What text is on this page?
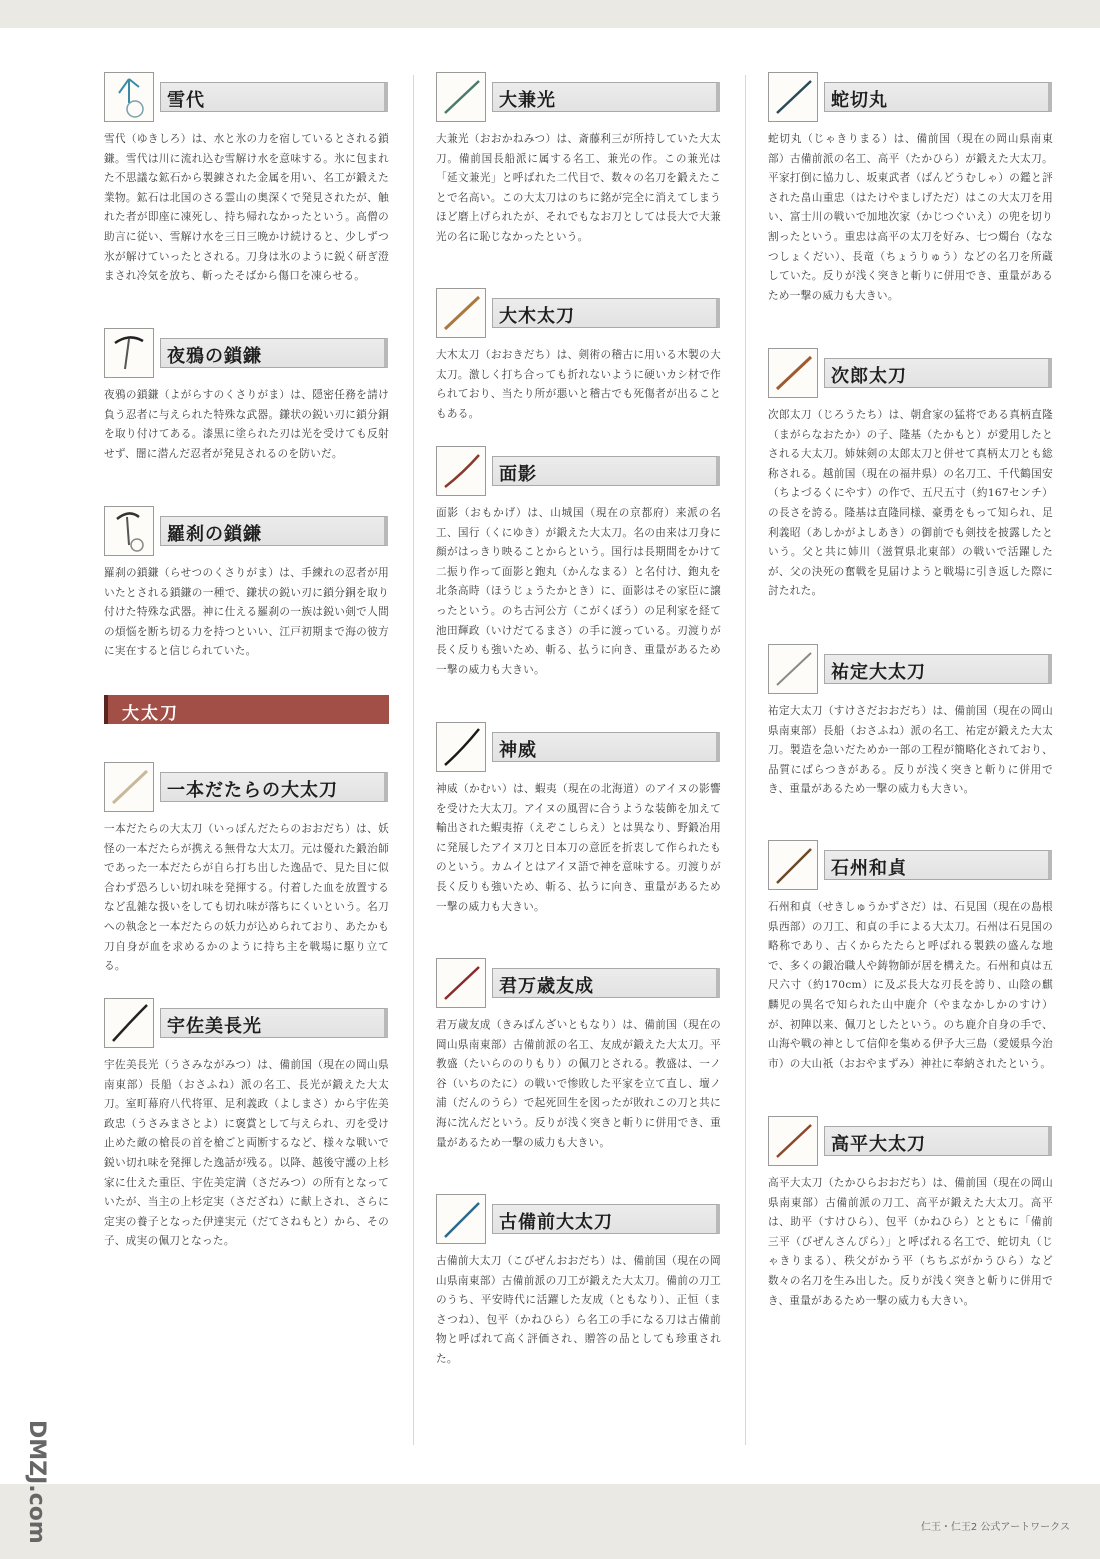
雪代
雪代（ゆきしろ）は、水と氷の力を宿しているとされる鎖鎌。雪代は川に流れ込む雪解け水を意味する。氷に包まれた不思議な鉱石から製錬された金属を用い、名工が鍛えた業物。鉱石は北国のさる霊山の奥深くで発見されたが、触れた者が即座に凍死し、持ち帰れなかったという。高僧の助言に従い、雪解け水を三日三晩かけ続けると、少しずつ氷が解けていったとされる。刀身は氷のように鋭く研ぎ澄まされ冷気を放ち、斬ったそばから傷口を凍らせる。
夜鴉の鎖鎌
夜鴉の鎖鎌（よがらすのくさりがま）は、隠密任務を請け負う忍者に与えられた特殊な武器。鎌状の鋭い刃に鎖分銅を取り付けてある。漆黒に塗られた刃は光を受けても反射せず、闇に潜んだ忍者が発見されるのを防いだ。
羅刹の鎖鎌
羅刹の鎖鎌（らせつのくさりがま）は、手練れの忍者が用いたとされる鎖鎌の一種で、鎌状の鋭い刃に鎖分銅を取り付けた特殊な武器。神に仕える羅刹の一族は鋭い剣で人間の煩悩を断ち切る力を持つといい、江戸初期まで海の彼方に実在すると信じられていた。
大太刀
一本だたらの大太刀
一本だたらの大太刀（いっぽんだたらのおおだち）は、妖怪の一本だたらが携える無骨な大太刀。元は優れた鍛治師であった一本だたらが自ら打ち出した逸品で、見た目に似合わず恐ろしい切れ味を発揮する。付着した血を放置するなど乱雑な扱いをしても切れ味が落ちにくいという。名刀への執念と一本だたらの妖力が込められており、あたかも刀自身が血を求めるかのように持ち主を戦場に駆り立てる。
宇佐美長光
宇佐美長光（うさみながみつ）は、備前国（現在の岡山県南東部）長船（おさふね）派の名工、長光が鍛えた大太刀。室町幕府八代将軍、足利義政（よしまさ）から宇佐美政忠（うさみまさとよ）に褒賞として与えられ、刃を受け止めた敵の槍長の首を槍ごと両断するなど、様々な戦いで鋭い切れ味を発揮した逸話が残る。以降、越後守護の上杉家に仕えた重臣、宇佐美定満（さだみつ）の所有となっていたが、当主の上杉定実（さだざね）に献上され、さらに定実の養子となった伊達実元（だてさねもと）から、その子、成実の佩刀となった。
大兼光
大兼光（おおかねみつ）は、斎藤利三が所持していた大太刀。備前国長船派に属する名工、兼光の作。この兼光は「延文兼光」と呼ばれた二代目で、数々の名刀を鍛えたことで名高い。この大太刀はのちに銘が完全に消えてしまうほど磨上げられたが、それでもなお刀としては長大で大兼光の名に恥じなかったという。
大木太刀
大木太刀（おおきだち）は、剣術の稽古に用いる木製の大太刀。激しく打ち合っても折れないように硬いカシ材で作られており、当たり所が悪いと稽古でも死傷者が出ることもある。
面影
面影（おもかげ）は、山城国（現在の京都府）来派の名工、国行（くにゆき）が鍛えた大太刀。名の由来は刀身に顔がはっきり映ることからという。国行は長期間をかけて二振り作って面影と鉋丸（かんなまる）と名付け、鉋丸を北条高時（ほうじょうたかとき）に、面影はその家臣に譲ったという。のち古河公方（こがくぼう）の足利家を経て池田輝政（いけだてるまさ）の手に渡っている。刃渡りが長く反りも強いため、斬る、払うに向き、重量があるため一撃の威力も大きい。
神威
神威（かむい）は、蝦夷（現在の北海道）のアイヌの影響を受けた大太刀。アイヌの風習に合うような装飾を加えて輸出された蝦夷拵（えぞこしらえ）とは異なり、野鍛冶用に発展したアイヌ刀と日本刀の意匠を折衷して作られたものという。カムイとはアイヌ語で神を意味する。刃渡りが長く反りも強いため、斬る、払うに向き、重量があるため一撃の威力も大きい。
君万歳友成
君万歳友成（きみばんざいともなり）は、備前国（現在の岡山県南東部）古備前派の名工、友成が鍛えた大太刀。平教盛（たいらののりもり）の佩刀とされる。教盛は、一ノ谷（いちのたに）の戦いで惨敗した平家を立て直し、壇ノ浦（だんのうら）で起死回生を図ったが敗れこの刀と共に海に沈んだという。反りが浅く突きと斬りに併用でき、重量があるため一撃の威力も大きい。
古備前大太刀
古備前大太刀（こびぜんおおだち）は、備前国（現在の岡山県南東部）古備前派の刀工が鍛えた大太刀。備前の刀工のうち、平安時代に活躍した友成（ともなり）、正恒（まさつね）、包平（かねひら）ら名工の手になる刀は古備前物と呼ばれて高く評価され、贈答の品としても珍重された。
蛇切丸
蛇切丸（じゃきりまる）は、備前国（現在の岡山県南東部）古備前派の名工、高平（たかひら）が鍛えた大太刀。平家打倒に協力し、坂東武者（ばんどうむしゃ）の鑑と評された畠山重忠（はたけやましげただ）はこの大太刀を用い、富士川の戦いで加地次家（かじつぐいえ）の兜を切り割ったという。重忠は高平の太刀を好み、七つ燭台（ななつしょくだい）、長竜（ちょうりゅう）などの名刀を所蔵していた。反りが浅く突きと斬りに併用でき、重量があるため一撃の威力も大きい。
次郎太刀
次郎太刀（じろうたち）は、朝倉家の猛将である真柄直隆（まがらなおたか）の子、隆基（たかもと）が愛用したとされる大太刀。姉妹剣の太郎太刀と併せて真柄太刀とも総称される。越前国（現在の福井県）の名刀工、千代鶴国安（ちよづるくにやす）の作で、五尺五寸（約167センチ）の長さを誇る。隆基は直隆同様、豪勇をもって知られ、足利義昭（あしかがよしあき）の御前でも剣技を披露したという。父と共に姉川（滋賀県北東部）の戦いで活躍したが、父の決死の奮戦を見届けようと戦場に引き返した際に討たれた。
祐定大太刀
祐定大太刀（すけさだおおだち）は、備前国（現在の岡山県南東部）長船（おさふね）派の名工、祐定が鍛えた大太刀。製造を急いだためか一部の工程が簡略化されており、品質にばらつきがある。反りが浅く突きと斬りに併用でき、重量があるため一撃の威力も大きい。
石州和貞
石州和貞（せきしゅうかずさだ）は、石見国（現在の島根県西部）の刀工、和貞の手による大太刀。石州は石見国の略称であり、古くからたたらと呼ばれる製鉄の盛んな地で、多くの鍛冶職人や鋳物師が居を構えた。石州和貞は五尺六寸（約170cm）に及ぶ長大な刃長を誇り、山陰の麒麟児の異名で知られた山中鹿介（やまなかしかのすけ）が、初陣以来、佩刀としたという。のち鹿介自身の手で、山海や戦の神として信仰を集める伊予大三島（愛媛県今治市）の大山祇（おおやまずみ）神社に奉納されたという。
高平大太刀
高平大太刀（たかひらおおだち）は、備前国（現在の岡山県南東部）古備前派の刀工、高平が鍛えた大太刀。高平は、助平（すけひら）、包平（かねひら）とともに「備前三平（びぜんさんぴら）」と呼ばれる名工で、蛇切丸（じゃきりまる）、秩父がかう平（ちちぶがかうひら）など数々の名刀を生み出した。反りが浅く突きと斬りに併用でき、重量があるため一撃の威力も大きい。
仁王・仁王2 公式アートワークス
DMZJ.com
